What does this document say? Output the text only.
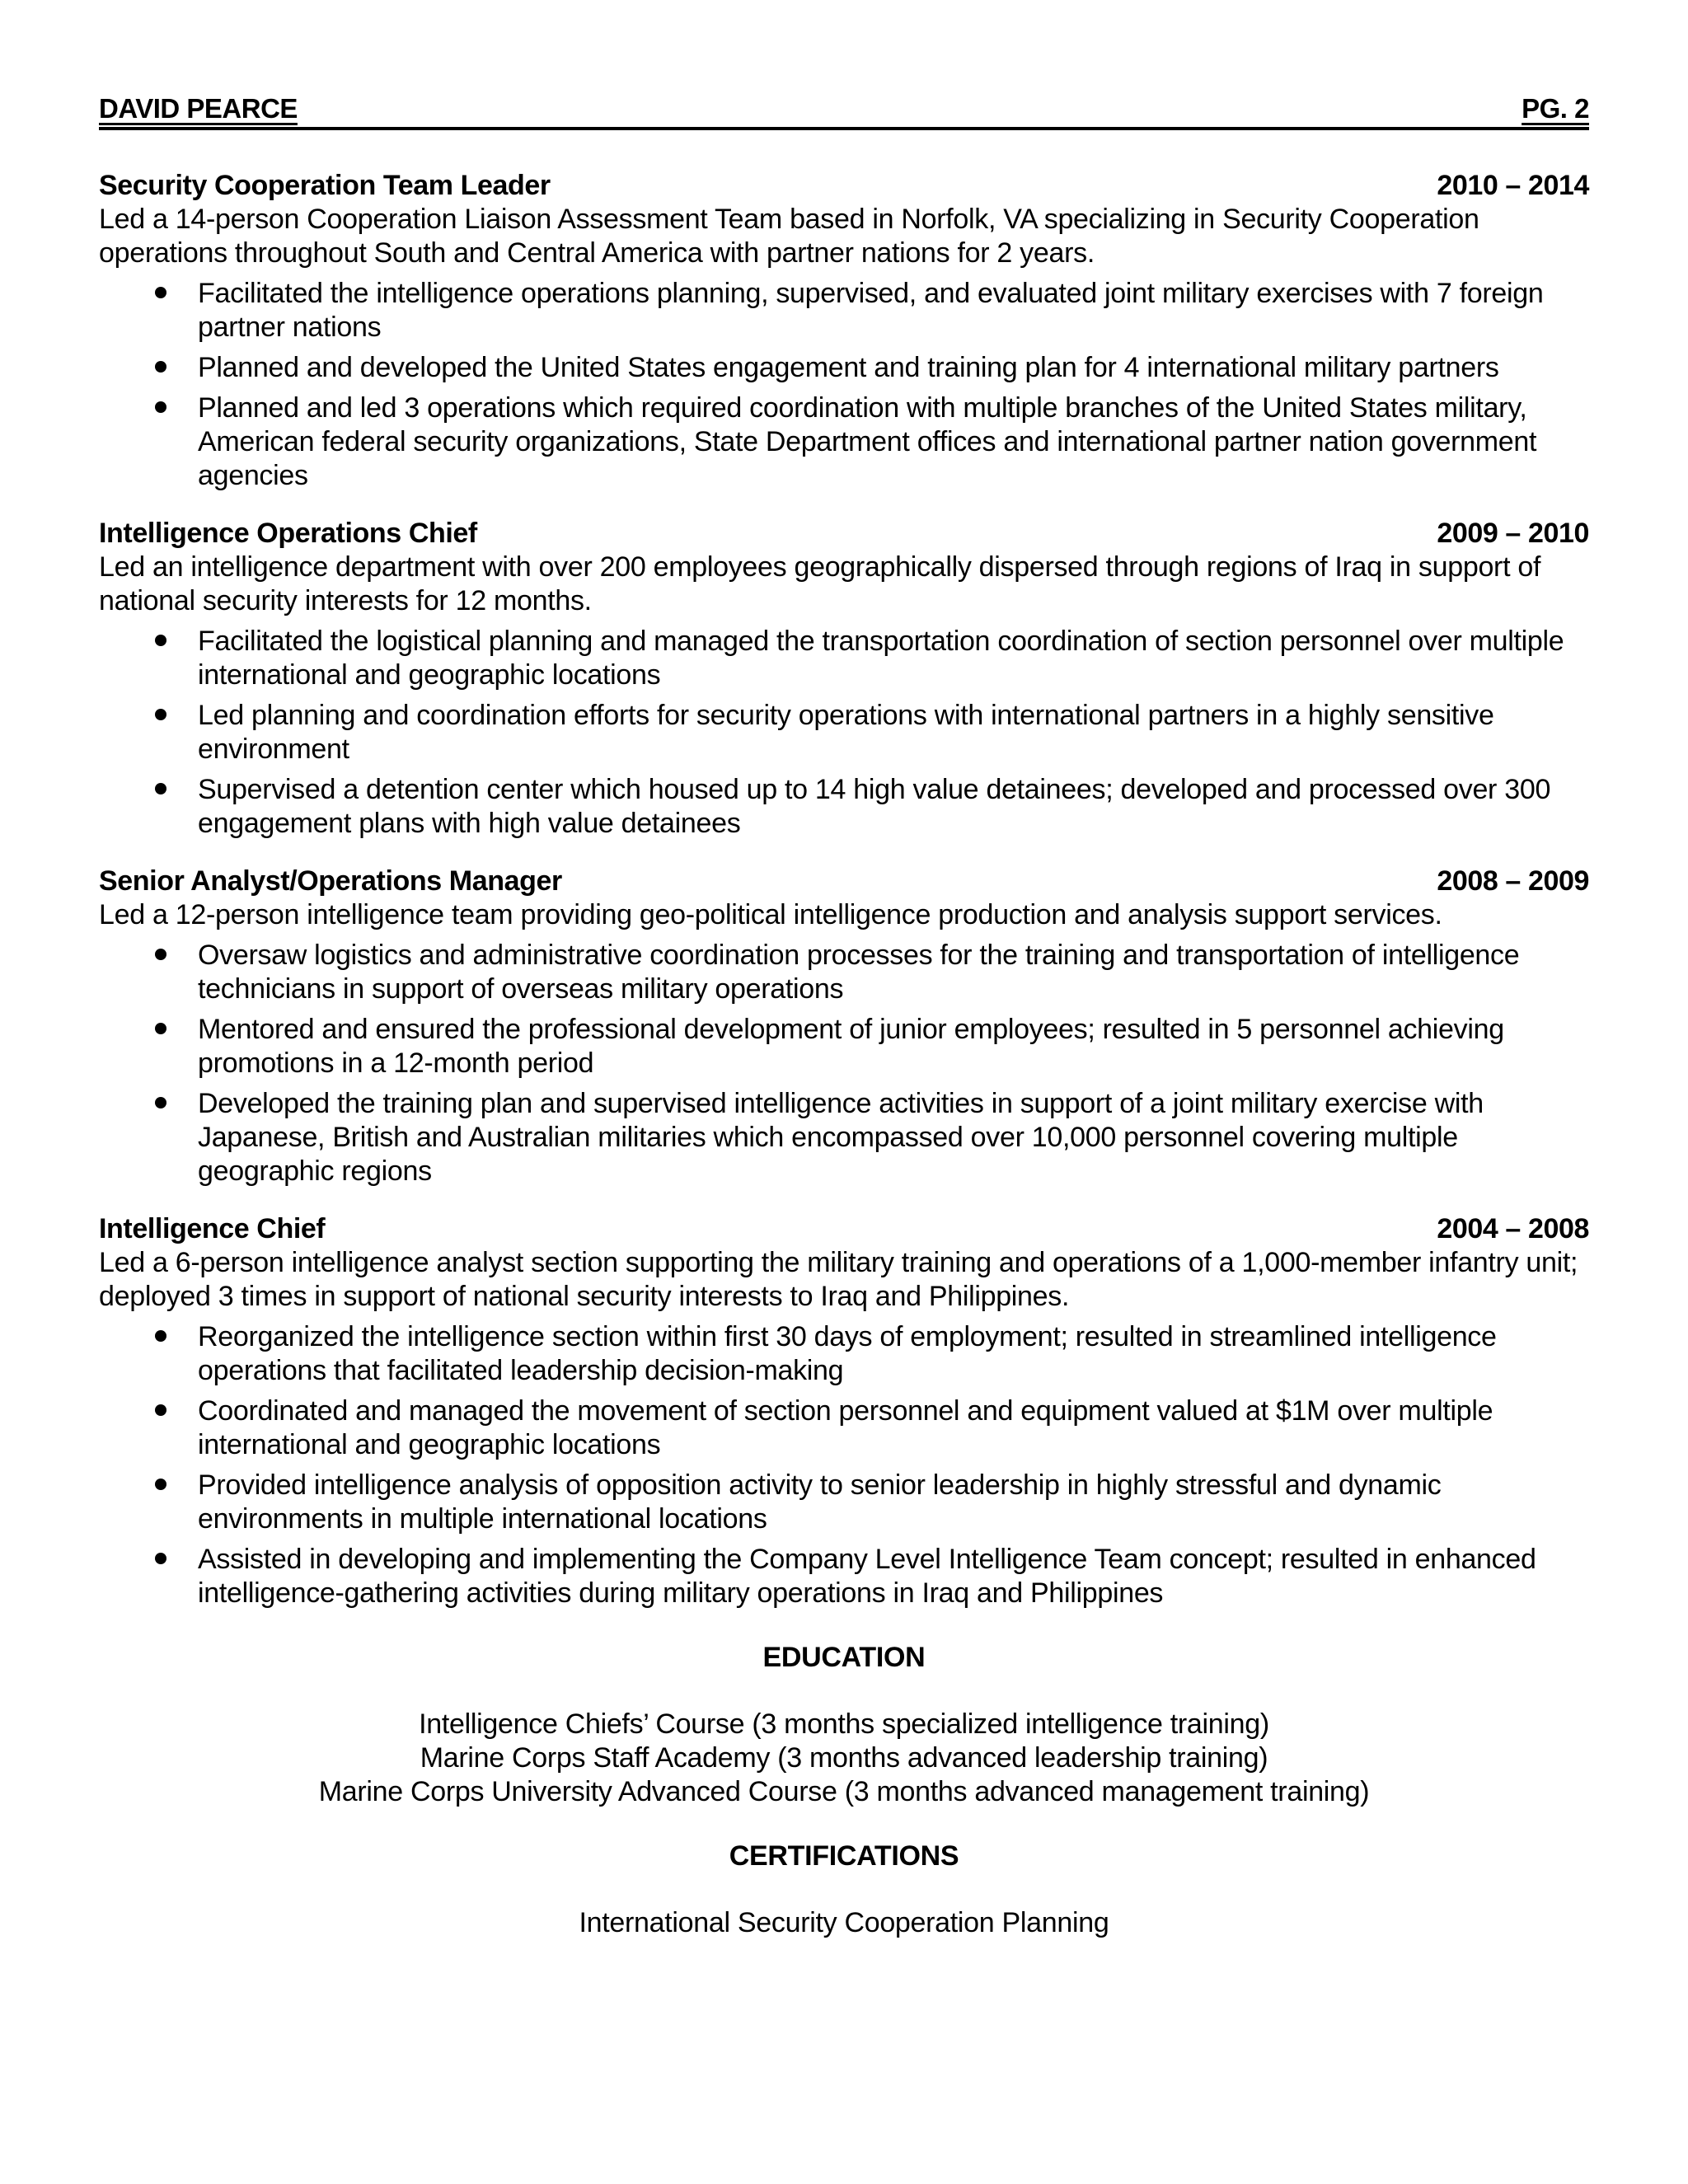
DAVID PEARCE	PG. 2
Security Cooperation Team Leader	2010 – 2014
Led a 14-person Cooperation Liaison Assessment Team based in Norfolk, VA specializing in Security Cooperation operations throughout South and Central America with partner nations for 2 years.
Facilitated the intelligence operations planning, supervised, and evaluated joint military exercises with 7 foreign partner nations
Planned and developed the United States engagement and training plan for 4 international military partners
Planned and led 3 operations which required coordination with multiple branches of the United States military, American federal security organizations, State Department offices and international partner nation government agencies
Intelligence Operations Chief	2009 – 2010
Led an intelligence department with over 200 employees geographically dispersed through regions of Iraq in support of national security interests for 12 months.
Facilitated the logistical planning and managed the transportation coordination of section personnel over multiple international and geographic locations
Led planning and coordination efforts for security operations with international partners in a highly sensitive environment
Supervised a detention center which housed up to 14 high value detainees; developed and processed over 300 engagement plans with high value detainees
Senior Analyst/Operations Manager	2008 – 2009
Led a 12-person intelligence team providing geo-political intelligence production and analysis support services.
Oversaw logistics and administrative coordination processes for the training and transportation of intelligence technicians in support of overseas military operations
Mentored and ensured the professional development of junior employees; resulted in 5 personnel achieving promotions in a 12-month period
Developed the training plan and supervised intelligence activities in support of a joint military exercise with Japanese, British and Australian militaries which encompassed over 10,000 personnel covering multiple geographic regions
Intelligence Chief	2004 – 2008
Led a 6-person intelligence analyst section supporting the military training and operations of a 1,000-member infantry unit; deployed 3 times in support of national security interests to Iraq and Philippines.
Reorganized the intelligence section within first 30 days of employment; resulted in streamlined intelligence operations that facilitated leadership decision-making
Coordinated and managed the movement of section personnel and equipment valued at $1M over multiple international and geographic locations
Provided intelligence analysis of opposition activity to senior leadership in highly stressful and dynamic environments in multiple international locations
Assisted in developing and implementing the Company Level Intelligence Team concept; resulted in enhanced intelligence-gathering activities during military operations in Iraq and Philippines
EDUCATION
Intelligence Chiefs’ Course (3 months specialized intelligence training)
Marine Corps Staff Academy (3 months advanced leadership training)
Marine Corps University Advanced Course (3 months advanced management training)
CERTIFICATIONS
International Security Cooperation Planning
